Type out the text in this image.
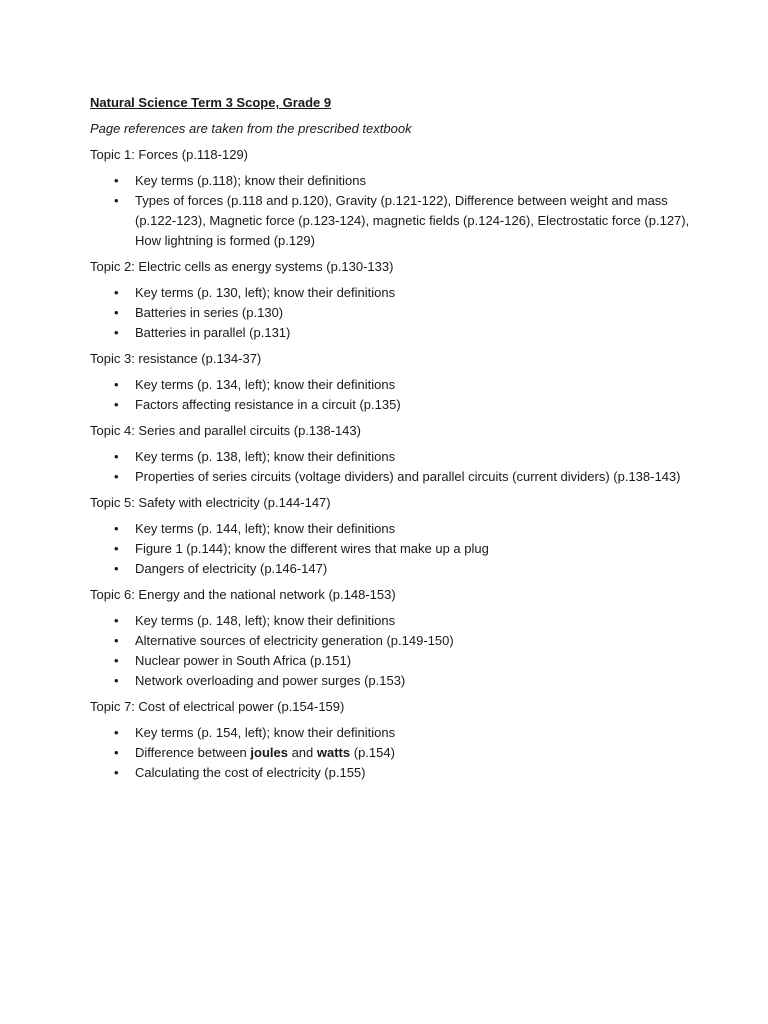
Natural Science Term 3 Scope, Grade 9

Page references are taken from the prescribed textbook

Topic 1: Forces (p.118-129)

• Key terms (p.118); know their definitions
• Types of forces (p.118 and p.120), Gravity (p.121-122), Difference between weight and mass (p.122-123), Magnetic force (p.123-124), magnetic fields (p.124-126), Electrostatic force (p.127), How lightning is formed (p.129)

Topic 2: Electric cells as energy systems (p.130-133)

• Key terms (p. 130, left); know their definitions
• Batteries in series (p.130)
• Batteries in parallel (p.131)

Topic 3: resistance (p.134-37)

• Key terms (p. 134, left); know their definitions
• Factors affecting resistance in a circuit (p.135)

Topic 4: Series and parallel circuits (p.138-143)

• Key terms (p. 138, left); know their definitions
• Properties of series circuits (voltage dividers) and parallel circuits (current dividers) (p.138-143)

Topic 5: Safety with electricity (p.144-147)

• Key terms (p. 144, left); know their definitions
• Figure 1 (p.144); know the different wires that make up a plug
• Dangers of electricity (p.146-147)

Topic 6: Energy and the national network (p.148-153)

• Key terms (p. 148, left); know their definitions
• Alternative sources of electricity generation (p.149-150)
• Nuclear power in South Africa (p.151)
• Network overloading and power surges (p.153)

Topic 7: Cost of electrical power (p.154-159)

• Key terms (p. 154, left); know their definitions
• Difference between joules and watts (p.154)
• Calculating the cost of electricity (p.155)
